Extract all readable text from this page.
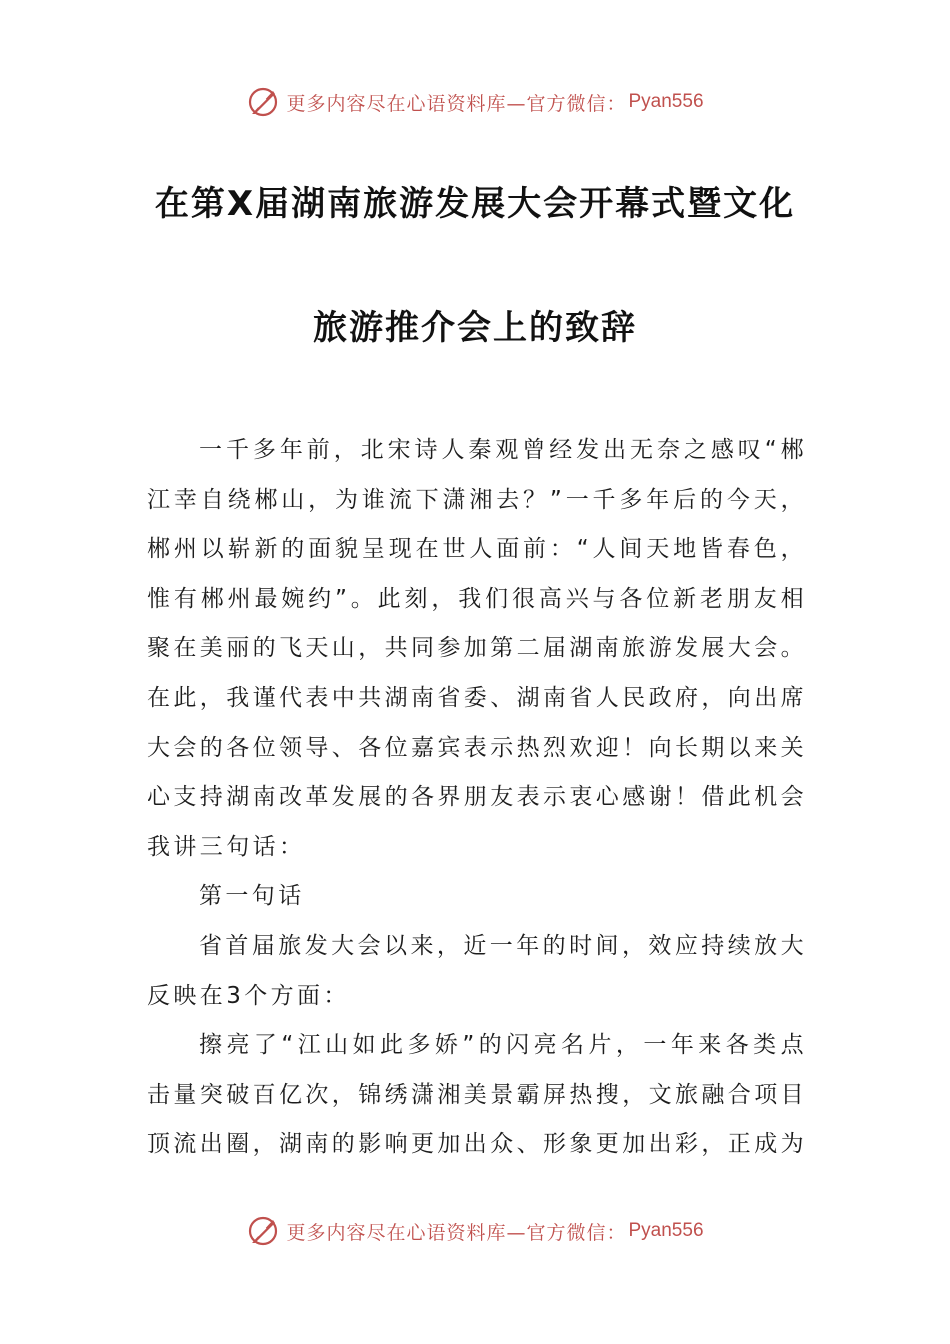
更多内容尽在心语资料库—官方微信： Pyan556
在第X届湖南旅游发展大会开幕式暨文化
旅游推介会上的致辞

一千多年前，北宋诗人秦观曾经发出无奈之感叹“郴江幸自绕郴山，为谁流下潇湘去？”一千多年后的今天，郴州以崭新的面貌呈现在世人面前：“人间天地皆春色，惟有郴州最婉约”。此刻，我们很高兴与各位新老朋友相聚在美丽的飞天山，共同参加第二届湖南旅游发展大会。在此，我谨代表中共湖南省委、湖南省人民政府，向出席大会的各位领导、各位嘉宾表示热烈欢迎！向长期以来关心支持湖南改革发展的各界朋友表示衷心感谢！借此机会我讲三句话：

第一句话

省首届旅发大会以来，近一年的时间，效应持续放大反映在3个方面：

擦亮了“江山如此多娇”的闪亮名片，一年来各类点击量突破百亿次，锦绣潇湘美景霸屏热搜，文旅融合项目顶流出圈，湖南的影响更加出众、形象更加出彩，正成为

更多内容尽在心语资料库—官方微信： Pyan556
